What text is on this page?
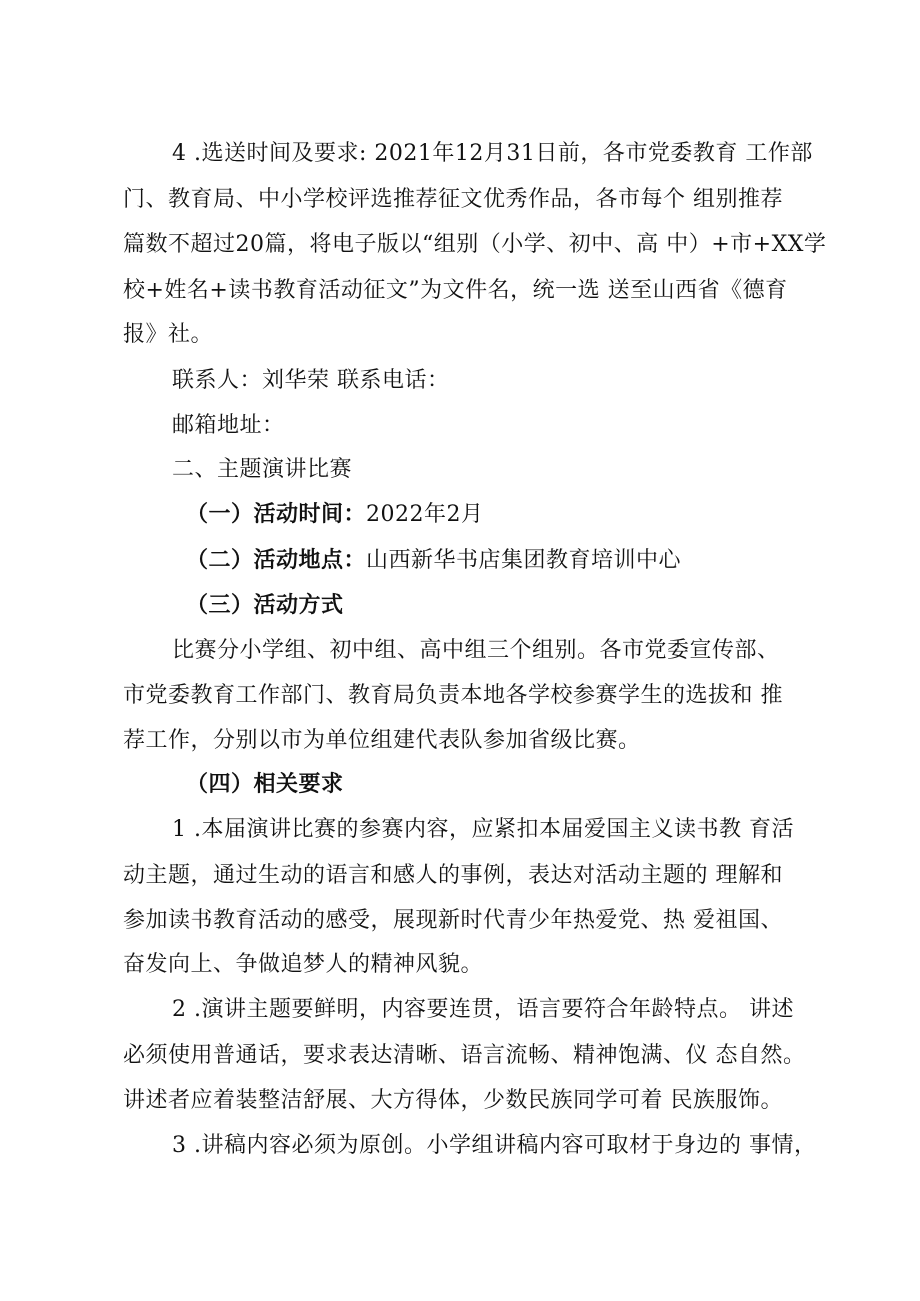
4 .选送时间及要求: 2021年12月31日前，各市党委教育 工作部
门、教育局、中小学校评选推荐征文优秀作品，各市每个 组别推荐
篇数不超过20篇，将电子版以“组别（小学、初中、高 中）+市+XX学
校+姓名+读书教育活动征文”为文件名，统一选 送至山西省《德育
报》社。
联系人：刘华荣 联系电话：
邮箱地址：
二、主题演讲比赛
（一）活动时间：2022年2月
（二）活动地点：山西新华书店集团教育培训中心
（三）活动方式
比赛分小学组、初中组、高中组三个组别。各市党委宣传部、
市党委教育工作部门、教育局负责本地各学校参赛学生的选拔和 推
荐工作，分别以市为单位组建代表队参加省级比赛。
（四）相关要求
1 .本届演讲比赛的参赛内容，应紧扣本届爱国主义读书教 育活
动主题，通过生动的语言和感人的事例，表达对活动主题的 理解和
参加读书教育活动的感受，展现新时代青少年热爱党、热 爱祖国、
奋发向上、争做追梦人的精神风貌。
2 .演讲主题要鲜明，内容要连贯，语言要符合年龄特点。 讲述
必须使用普通话，要求表达清晰、语言流畅、精神饱满、仪 态自然。
讲述者应着装整洁舒展、大方得体，少数民族同学可着 民族服饰。
3 .讲稿内容必须为原创。小学组讲稿内容可取材于身边的 事情，
